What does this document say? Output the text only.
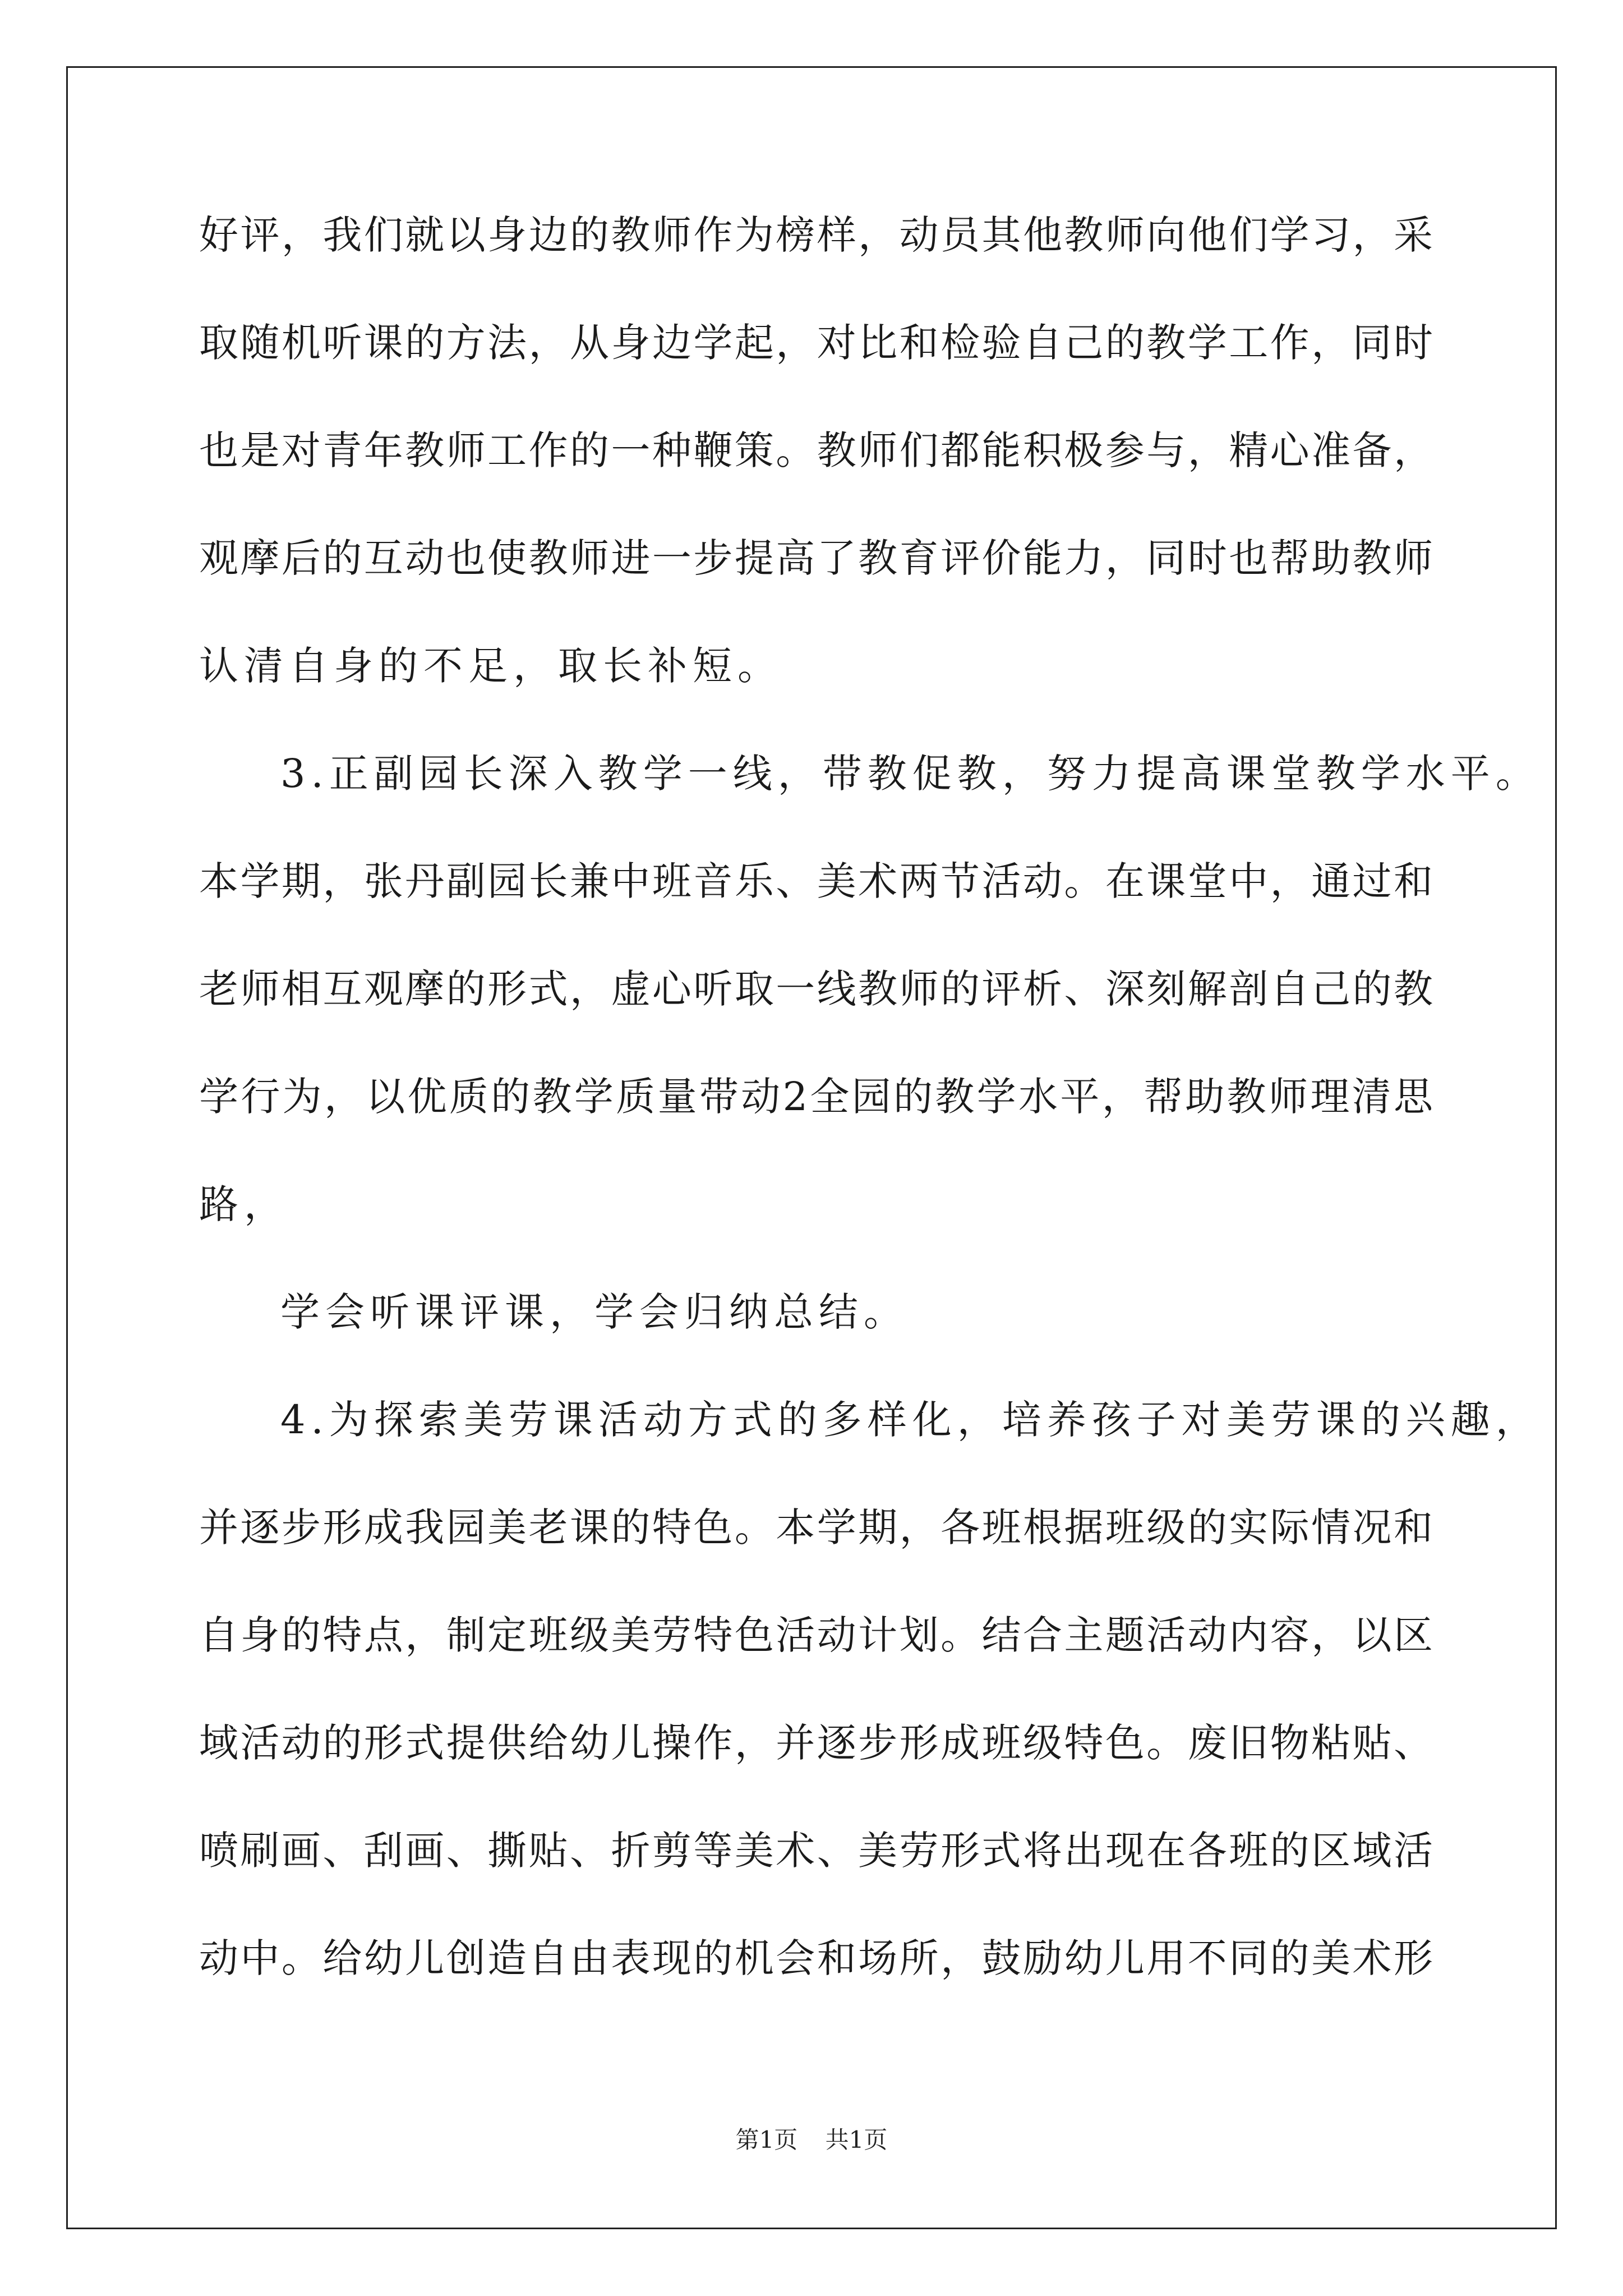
好评，我们就以身边的教师作为榜样，动员其他教师向他们学习，采
取随机听课的方法，从身边学起，对比和检验自己的教学工作，同时
也是对青年教师工作的一种鞭策。教师们都能积极参与，精心准备，
观摩后的互动也使教师进一步提高了教育评价能力，同时也帮助教师
认清自身的不足，取长补短。
3.正副园长深入教学一线，带教促教，努力提高课堂教学水平。
本学期，张丹副园长兼中班音乐、美术两节活动。在课堂中，通过和
老师相互观摩的形式，虚心听取一线教师的评析、深刻解剖自己的教
学行为，以优质的教学质量带动2全园的教学水平，帮助教师理清思
路，
学会听课评课，学会归纳总结。
4.为探索美劳课活动方式的多样化，培养孩子对美劳课的兴趣，
并逐步形成我园美老课的特色。本学期，各班根据班级的实际情况和
自身的特点，制定班级美劳特色活动计划。结合主题活动内容，以区
域活动的形式提供给幼儿操作，并逐步形成班级特色。废旧物粘贴、
喷刷画、刮画、撕贴、折剪等美术、美劳形式将出现在各班的区域活
动中。给幼儿创造自由表现的机会和场所，鼓励幼儿用不同的美术形
第1页 共1页
